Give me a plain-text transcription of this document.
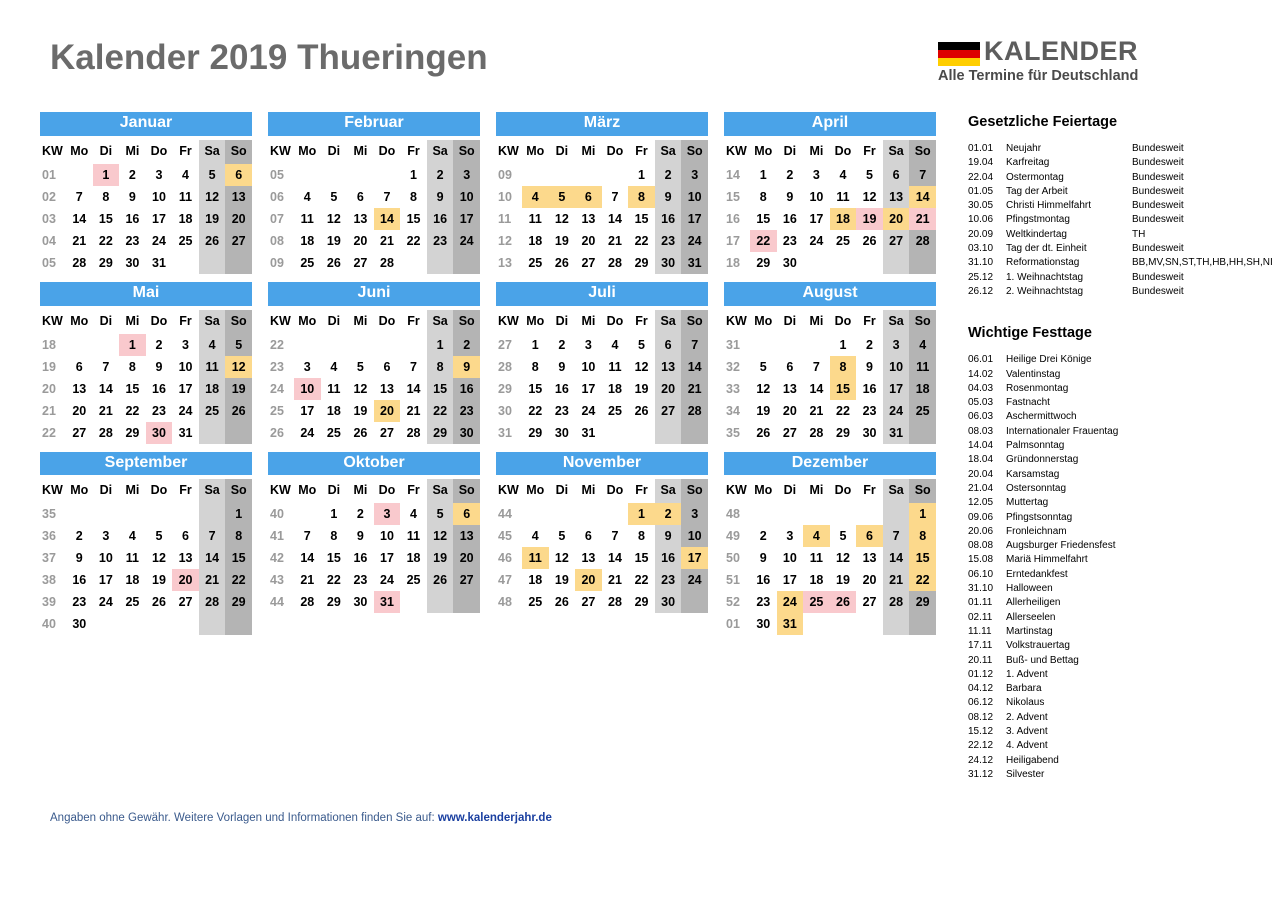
Kalender 2019 Thueringen	KALENDER
Alle Termine für Deutschland
Januar
KW	Mo	Di	Mi	Do	Fr	Sa	So
01		1	2	3	4	5	6
02	7	8	9	10	11	12	13
03	14	15	16	17	18	19	20
04	21	22	23	24	25	26	27
05	28	29	30	31			
Februar
KW	Mo	Di	Mi	Do	Fr	Sa	So
05					1	2	3
06	4	5	6	7	8	9	10
07	11	12	13	14	15	16	17
08	18	19	20	21	22	23	24
09	25	26	27	28			
März
KW	Mo	Di	Mi	Do	Fr	Sa	So
09					1	2	3
10	4	5	6	7	8	9	10
11	11	12	13	14	15	16	17
12	18	19	20	21	22	23	24
13	25	26	27	28	29	30	31
April
KW	Mo	Di	Mi	Do	Fr	Sa	So
14	1	2	3	4	5	6	7
15	8	9	10	11	12	13	14
16	15	16	17	18	19	20	21
17	22	23	24	25	26	27	28
18	29	30					
Mai
KW	Mo	Di	Mi	Do	Fr	Sa	So
18			1	2	3	4	5
19	6	7	8	9	10	11	12
20	13	14	15	16	17	18	19
21	20	21	22	23	24	25	26
22	27	28	29	30	31		
Juni
KW	Mo	Di	Mi	Do	Fr	Sa	So
22						1	2
23	3	4	5	6	7	8	9
24	10	11	12	13	14	15	16
25	17	18	19	20	21	22	23
26	24	25	26	27	28	29	30
Juli
KW	Mo	Di	Mi	Do	Fr	Sa	So
27	1	2	3	4	5	6	7
28	8	9	10	11	12	13	14
29	15	16	17	18	19	20	21
30	22	23	24	25	26	27	28
31	29	30	31				
August
KW	Mo	Di	Mi	Do	Fr	Sa	So
31				1	2	3	4
32	5	6	7	8	9	10	11
33	12	13	14	15	16	17	18
34	19	20	21	22	23	24	25
35	26	27	28	29	30	31	
September
KW	Mo	Di	Mi	Do	Fr	Sa	So
35							1
36	2	3	4	5	6	7	8
37	9	10	11	12	13	14	15
38	16	17	18	19	20	21	22
39	23	24	25	26	27	28	29
40	30						
Oktober
KW	Mo	Di	Mi	Do	Fr	Sa	So
40		1	2	3	4	5	6
41	7	8	9	10	11	12	13
42	14	15	16	17	18	19	20
43	21	22	23	24	25	26	27
44	28	29	30	31			
November
KW	Mo	Di	Mi	Do	Fr	Sa	So
44					1	2	3
45	4	5	6	7	8	9	10
46	11	12	13	14	15	16	17
47	18	19	20	21	22	23	24
48	25	26	27	28	29	30	
Dezember
KW	Mo	Di	Mi	Do	Fr	Sa	So
48							1
49	2	3	4	5	6	7	8
50	9	10	11	12	13	14	15
51	16	17	18	19	20	21	22
52	23	24	25	26	27	28	29
01	30	31					
Gesetzliche Feiertage
01.01	Neujahr	Bundesweit
19.04	Karfreitag	Bundesweit
22.04	Ostermontag	Bundesweit
01.05	Tag der Arbeit	Bundesweit
30.05	Christi Himmelfahrt	Bundesweit
10.06	Pfingstmontag	Bundesweit
20.09	Weltkindertag	TH
03.10	Tag der dt. Einheit	Bundesweit
31.10	Reformationstag	BB,MV,SN,ST,TH,HB,HH,SH,NI
25.12	1. Weihnachtstag	Bundesweit
26.12	2. Weihnachtstag	Bundesweit
Wichtige Festtage
06.01	Heilige Drei Könige
14.02	Valentinstag
04.03	Rosenmontag
05.03	Fastnacht
06.03	Aschermittwoch
08.03	Internationaler Frauentag
14.04	Palmsonntag
18.04	Gründonnerstag
20.04	Karsamstag
21.04	Ostersonntag
12.05	Muttertag
09.06	Pfingstsonntag
20.06	Fronleichnam
08.08	Augsburger Friedensfest
15.08	Mariä Himmelfahrt
06.10	Erntedankfest
31.10	Halloween
01.11	Allerheiligen
02.11	Allerseelen
11.11	Martinstag
17.11	Volkstrauertag
20.11	Buß- und Bettag
01.12	1. Advent
04.12	Barbara
06.12	Nikolaus
08.12	2. Advent
15.12	3. Advent
22.12	4. Advent
24.12	Heiligabend
31.12	Silvester
Angaben ohne Gewähr. Weitere Vorlagen und Informationen finden Sie auf: www.kalenderjahr.de
